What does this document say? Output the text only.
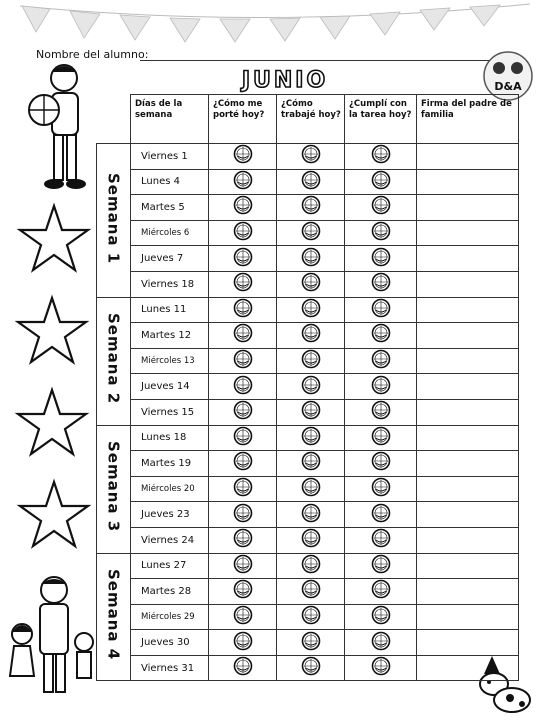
Nombre del alumno:
JUNIO	D&A
	Días de la semana	¿Cómo me porté hoy?	¿Cómo trabajé hoy?	¿Cumplí con la tarea hoy?	Firma del padre de familia
Semana 1	Viernes 1				
	Lunes 4				
	Martes 5				
	Miércoles 6				
	Jueves 7				
	Viernes 18				
Semana 2	Lunes 11				
	Martes 12				
	Miércoles 13				
	Jueves 14				
	Viernes 15				
Semana 3	Lunes 18				
	Martes 19				
	Miércoles 20				
	Jueves 23				
	Viernes 24				
Semana 4	Lunes 27				
	Martes 28				
	Miércoles 29				
	Jueves 30				
	Viernes 31				
